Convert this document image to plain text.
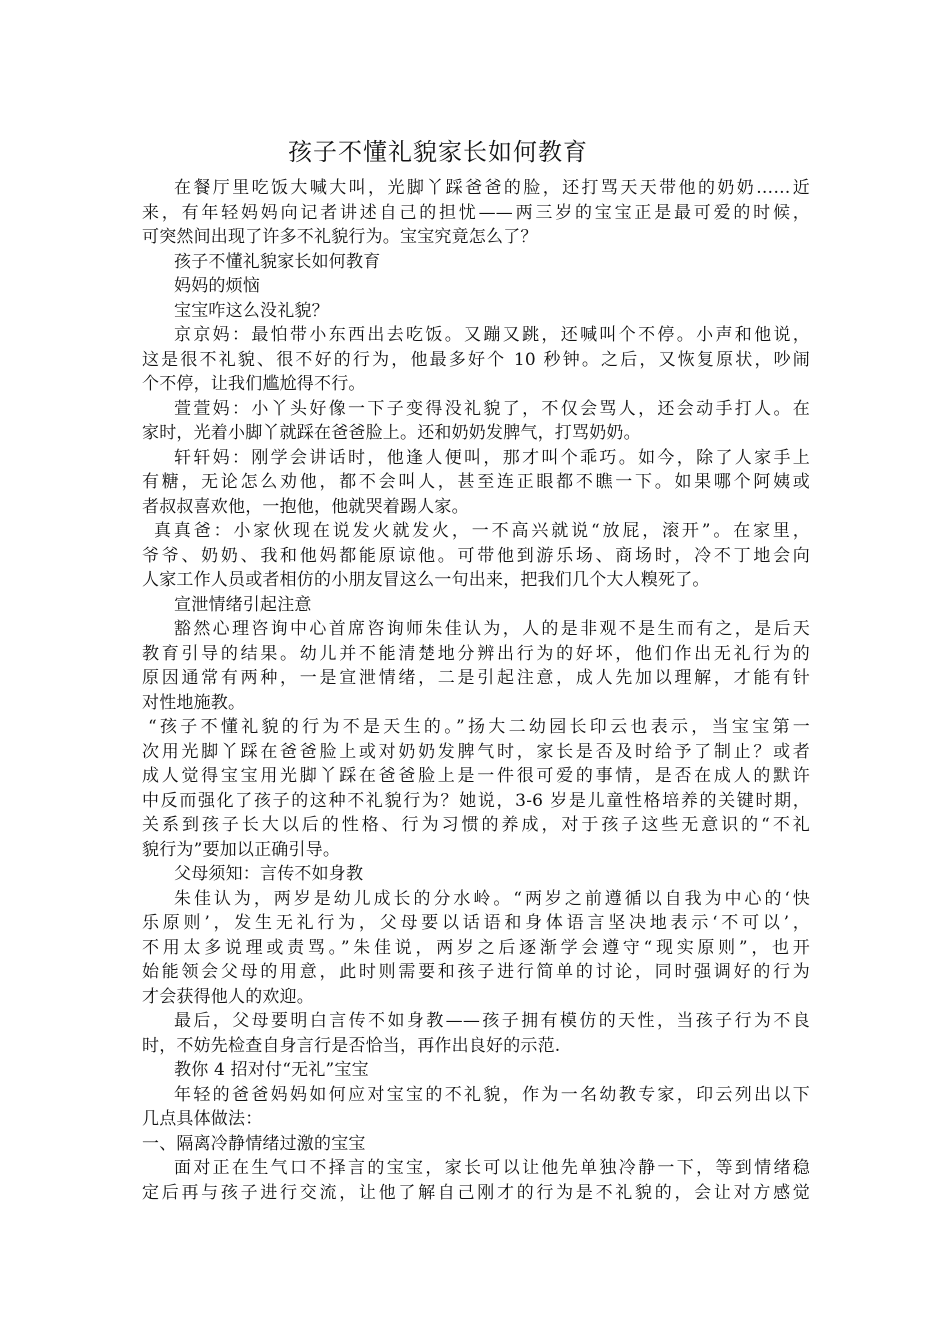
孩子不懂礼貌家长如何教育
在餐厅里吃饭大喊大叫，光脚丫踩爸爸的脸，还打骂天天带他的奶奶……近
来，有年轻妈妈向记者讲述自己的担忧——两三岁的宝宝正是最可爱的时候，
可突然间出现了许多不礼貌行为。宝宝究竟怎么了？
孩子不懂礼貌家长如何教育
妈妈的烦恼
宝宝咋这么没礼貌？
京京妈：最怕带小东西出去吃饭。又蹦又跳，还喊叫个不停。小声和他说，
这是很不礼貌、很不好的行为，他最多好个 10 秒钟。之后，又恢复原状，吵闹
个不停，让我们尴尬得不行。
萱萱妈：小丫头好像一下子变得没礼貌了，不仅会骂人，还会动手打人。在
家时，光着小脚丫就踩在爸爸脸上。还和奶奶发脾气，打骂奶奶。
轩轩妈：刚学会讲话时，他逢人便叫，那才叫个乖巧。如今，除了人家手上
有糖，无论怎么劝他，都不会叫人，甚至连正眼都不瞧一下。如果哪个阿姨或
者叔叔喜欢他，一抱他，他就哭着踢人家。
真真爸：小家伙现在说发火就发火，一不高兴就说“放屁，滚开”。在家里，
爷爷、奶奶、我和他妈都能原谅他。可带他到游乐场、商场时，冷不丁地会向
人家工作人员或者相仿的小朋友冒这么一句出来，把我们几个大人糗死了。
宣泄情绪引起注意
豁然心理咨询中心首席咨询师朱佳认为，人的是非观不是生而有之，是后天
教育引导的结果。幼儿并不能清楚地分辨出行为的好坏，他们作出无礼行为的
原因通常有两种，一是宣泄情绪，二是引起注意，成人先加以理解，才能有针
对性地施教。
“孩子不懂礼貌的行为不是天生的。”扬大二幼园长印云也表示，当宝宝第一
次用光脚丫踩在爸爸脸上或对奶奶发脾气时，家长是否及时给予了制止？或者
成人觉得宝宝用光脚丫踩在爸爸脸上是一件很可爱的事情，是否在成人的默许
中反而强化了孩子的这种不礼貌行为？她说，3-6 岁是儿童性格培养的关键时期，
关系到孩子长大以后的性格、行为习惯的养成，对于孩子这些无意识的“不礼
貌行为”要加以正确引导。
父母须知：言传不如身教
朱佳认为，两岁是幼儿成长的分水岭。“两岁之前遵循以自我为中心的‘快
乐原则’，发生无礼行为，父母要以话语和身体语言坚决地表示‘不可以’，
不用太多说理或责骂。”朱佳说，两岁之后逐渐学会遵守“现实原则”，也开
始能领会父母的用意，此时则需要和孩子进行简单的讨论，同时强调好的行为
才会获得他人的欢迎。
最后，父母要明白言传不如身教——孩子拥有模仿的天性，当孩子行为不良
时，不妨先检查自身言行是否恰当，再作出良好的示范.
教你 4 招对付“无礼”宝宝
年轻的爸爸妈妈如何应对宝宝的不礼貌，作为一名幼教专家，印云列出以下
几点具体做法：
一、隔离冷静情绪过激的宝宝
面对正在生气口不择言的宝宝，家长可以让他先单独冷静一下，等到情绪稳
定后再与孩子进行交流，让他了解自己刚才的行为是不礼貌的，会让对方感觉
